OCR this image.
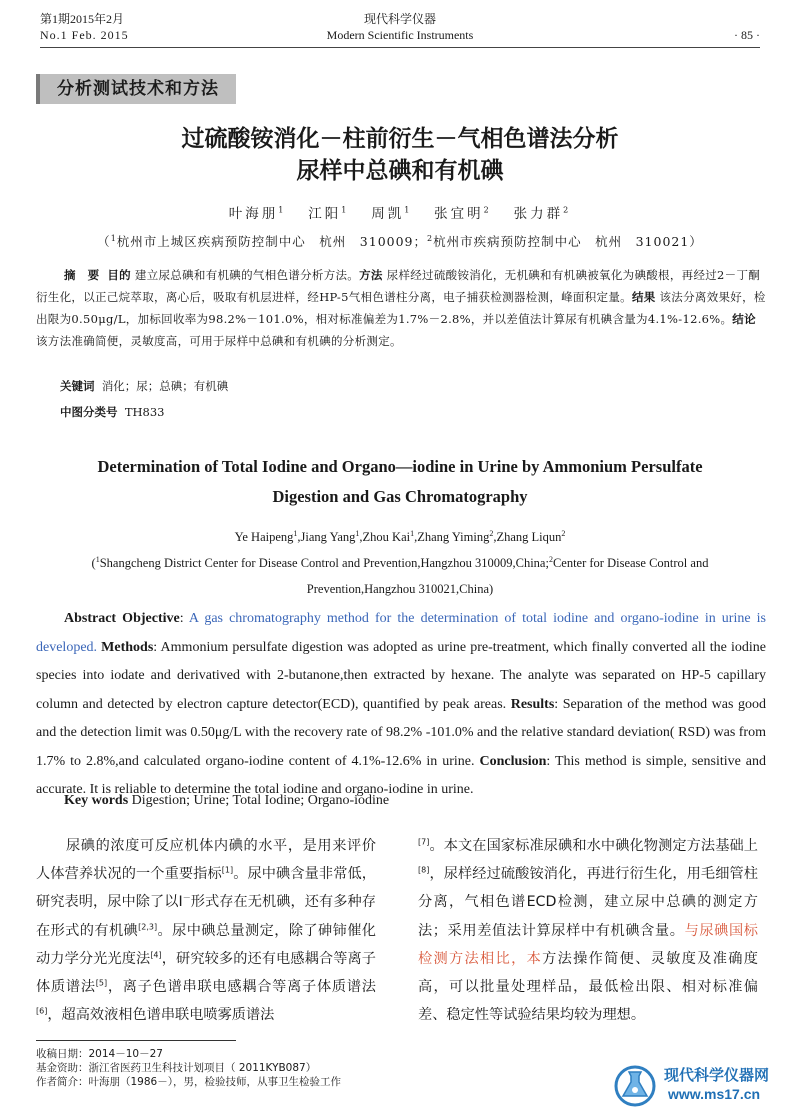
第1期2015年2月
No.1 Feb. 2015
现代科学仪器
Modern Scientific Instruments	· 85 ·
分析测试技术和方法
过硫酸铵消化－柱前衍生－气相色谱法分析
尿样中总碘和有机碘
叶海朋$^1$ 江阳$^1$ 周凯$^1$ 张宜明$^2$ 张力群$^2$
（$^1$杭州市上城区疾病预防控制中心　杭州　310009；$^2$杭州市疾病预防控制中心　杭州　310021）
摘　要 目的 建立尿总碘和有机碘的气相色谱分析方法。方法 尿样经过硫酸铵消化，无机碘和有机碘被氧化为碘酸根，再经过2－丁酮衍生化，以正己烷萃取，离心后，吸取有机层进样，经HP-5气相色谱柱分离，电子捕获检测器检测，峰面积定量。结果 该法分离效果好，检出限为0.50μg/L，加标回收率为98.2%－101.0%，相对标准偏差为1.7%－2.8%，并以差值法计算尿有机碘含量为4.1%-12.6%。结论 该方法准确简便，灵敏度高，可用于尿样中总碘和有机碘的分析测定。
关键词 消化；尿；总碘；有机碘
中图分类号 TH833
Determination of Total Iodine and Organo—iodine in Urine by Ammonium Persulfate
Digestion and Gas Chromatography
Ye Haipeng$^1$,Jiang Yang$^1$,Zhou Kai$^1$,Zhang Yiming$^2$,Zhang Liqun$^2$
($^1$Shangcheng District Center for Disease Control and Prevention,Hangzhou 310009,China;$^2$Center for Disease Control and
Prevention,Hangzhou 310021,China)

Abstract Objective: A gas chromatography method for the determination of total iodine and organo-iodine in urine is developed. Methods: Ammonium persulfate digestion was adopted as urine pre-treatment, which finally converted all the iodine species into iodate and derivatived with 2-butanone,then extracted by hexane. The analyte was separated on HP-5 capillary column and detected by electron capture detector(ECD), quantified by peak areas. Results: Separation of the method was good and the detection limit was 0.50μg/L with the recovery rate of 98.2% -101.0% and the relative standard deviation( RSD) was from 1.7% to 2.8%,and calculated organo-iodine content of 4.1%-12.6% in urine. Conclusion: This method is simple, sensitive and accurate. It is reliable to determine the total iodine and organo-iodine in urine.

Key words Digestion; Urine; Total Iodine; Organo-iodine

尿碘的浓度可反应机体内碘的水平，是用来评价人体营养状况的一个重要指标[1]。尿中碘含量非常低，研究表明，尿中除了以I－形式存在无机碘，还有多种存在形式的有机碘[2,3]。尿中碘总量测定，除了砷铈催化动力学分光光度法[4]，研究较多的还有电感耦合等离子体质谱法[5]，离子色谱串联电感耦合等离子体质谱法[6]，超高效液相色谱串联电喷雾质谱法

[7]。本文在国家标准尿碘和水中碘化物测定方法基础上[8]，尿样经过硫酸铵消化，再进行衍生化，用毛细管柱分离，气相色谱ECD检测，建立尿中总碘的测定方法；采用差值法计算尿样中有机碘含量。与尿碘国标检测方法相比，本方法操作简便、灵敏度及准确度高，可以批量处理样品，最低检出限、相对标准偏差、稳定性等试验结果均较为理想。

收稿日期：2014－10－27
基金资助：浙江省医药卫生科技计划项目（ 2011KYB087）
作者简介：叶海朋（1986－），男，检验技师，从事卫生检验工作	现代科学仪器网
www.ms17.cn
